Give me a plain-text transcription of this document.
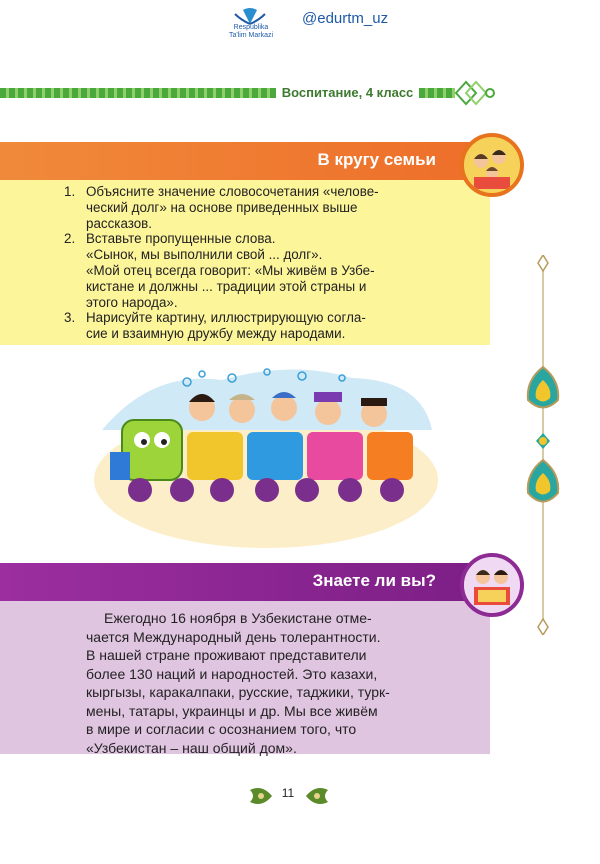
Respublika
Ta'lim Markazi
@edurtm_uz
Воспитание, 4 класс
В кругу семьи
1. Объясните значение словосочетания «челове-
ческий долг» на основе приведенных выше
рассказов.
2. Вставьте пропущенные слова.
«Сынок, мы выполнили свой ... долг».
«Мой отец всегда говорит: «Мы живём в Узбе-
кистане и должны ... традиции этой страны и
этого народа».
3. Нарисуйте картину, иллюстрирующую согла-
сие и взаимную дружбу между народами.
Знаете ли вы?
Ежегодно 16 ноября в Узбекистане отме-
чается Международный день толерантности.
В нашей стране проживают представители
более 130 наций и народностей. Это казахи,
кыргызы, каракалпаки, русские, таджики, турк-
мены, татары, украинцы и др. Мы все живём
в мире и согласии с осознанием того, что
«Узбекистан – наш общий дом».
11
